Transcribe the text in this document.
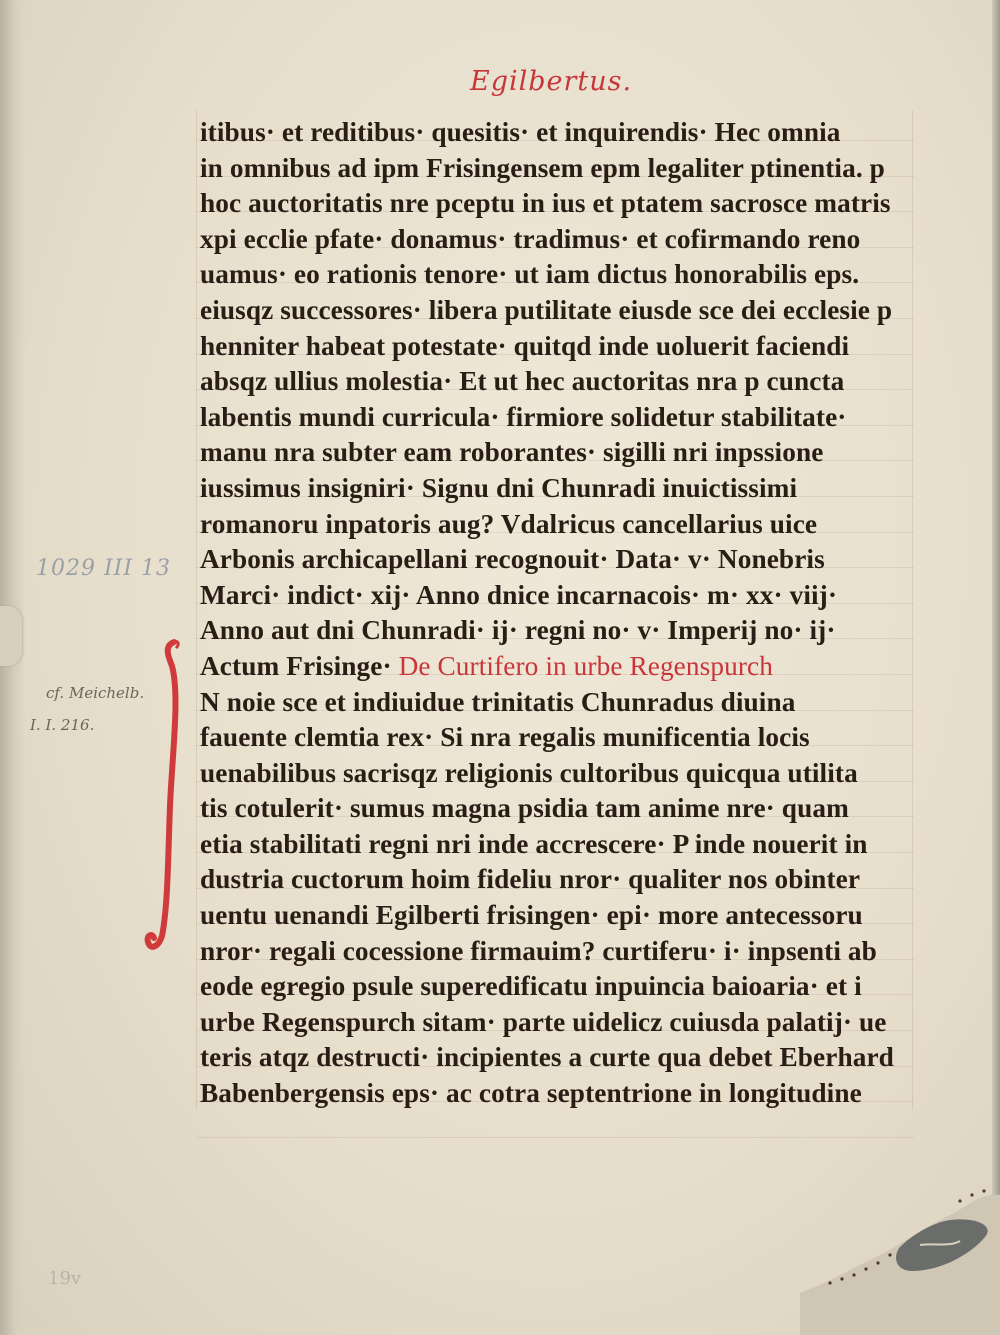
Egilbertus.
itibus· et reditibus· quesitis· et inquirendis· Hec omnia
in omnibus ad ipm Frisingensem epm legaliter ptinentia. p
hoc auctoritatis nre pceptu in ius et ptatem sacrosce matris
xpi ecclie pfate· donamus· tradimus· et cofirmando reno
uamus· eo rationis tenore· ut iam dictus honorabilis eps.
eiusqz successores· libera putilitate eiusde sce dei ecclesie p
henniter habeat potestate· quitqd inde uoluerit faciendi
absqz ullius molestia· Et ut hec auctoritas nra p cuncta
labentis mundi curricula· firmiore solidetur stabilitate·
manu nra subter eam roborantes· sigilli nri inpssione
iussimus insigniri· Signu dni Chunradi inuictissimi
romanoru inpatoris aug? Vdalricus cancellarius uice
Arbonis archicapellani recognouit· Data· v· Nonebris
Marci· indict· xij· Anno dnice incarnacois· m· xx· viij·
Anno aut dni Chunradi· ij· regni no· v· Imperij no· ij·
Actum Frisinge· De Curtifero in urbe Regenspurch
N noie sce et indiuidue trinitatis Chunradus diuina
fauente clemtia rex· Si nra regalis munificentia locis
uenabilibus sacrisqz religionis cultoribus quicqua utilita
tis cotulerit· sumus magna psidia tam anime nre· quam
etia stabilitati regni nri inde accrescere· P inde nouerit in
dustria cuctorum hoim fideliu nror· qualiter nos obinter
uentu uenandi Egilberti frisingen· epi· more antecessoru
nror· regali cocessione firmauim? curtiferu· i· inpsenti ab
eode egregio psule superedificatu inpuincia baioaria· et i
urbe Regenspurch sitam· parte uidelicz cuiusda palatij· ue
teris atqz destructi· incipientes a curte qua debet Eberhard
Babenbergensis eps· ac cotra septentrione in longitudine
1029 III 13
cf. Meichelb.
I. I. 216.
19v
